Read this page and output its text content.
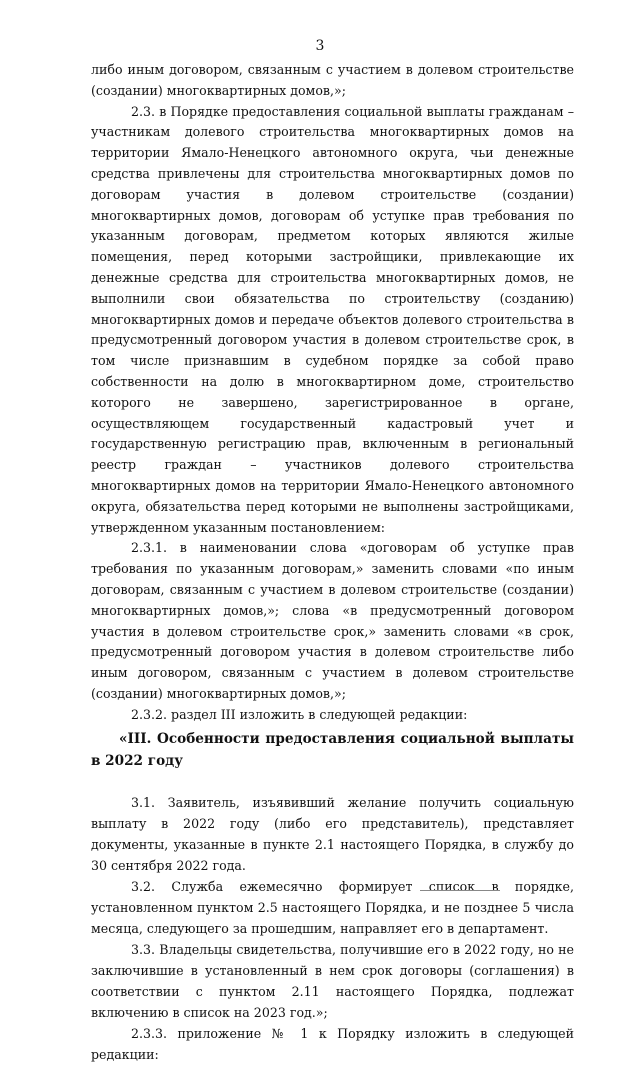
3

либо иным договором, связанным с участием в долевом строительстве (создании) многоквартирных домов,»;

2.3. в Порядке предоставления социальной выплаты гражданам – участникам долевого строительства многоквартирных домов на территории Ямало-Ненецкого автономного округа, чьи денежные средства привлечены для строительства многоквартирных домов по договорам участия в долевом строительстве (создании) многоквартирных домов, договорам об уступке прав требования по указанным договорам, предметом которых являются жилые помещения, перед которыми застройщики, привлекающие их денежные средства для строительства многоквартирных домов, не выполнили свои обязательства по строительству (созданию) многоквартирных домов и передаче объектов долевого строительства в предусмотренный договором участия в долевом строительстве срок, в том числе признавшим в судебном порядке за собой право собственности на долю в многоквартирном доме, строительство которого не завершено, зарегистрированное в органе, осуществляющем государственный кадастровый учет и государственную регистрацию прав, включенным в региональный реестр граждан – участников долевого строительства многоквартирных домов на территории Ямало-Ненецкого автономного округа, обязательства перед которыми не выполнены застройщиками, утвержденном указанным постановлением:

2.3.1. в наименовании слова «договорам об уступке прав требования по указанным договорам,» заменить словами «по иным договорам, связанным с участием в долевом строительстве (создании) многоквартирных домов,»; слова «в предусмотренный договором участия в долевом строительстве срок,» заменить словами «в срок, предусмотренный договором участия в долевом строительстве либо иным договором, связанным с участием в долевом строительстве (создании) многоквартирных домов,»;

2.3.2. раздел III изложить в следующей редакции:

«III. Особенности предоставления социальной выплаты в 2022 году

3.1. Заявитель, изъявивший желание получить социальную выплату в 2022 году (либо его представитель), представляет документы, указанные в пункте 2.1 настоящего Порядка, в службу до 30 сентября 2022 года.

3.2. Служба ежемесячно формирует список в порядке, установленном пунктом 2.5 настоящего Порядка, и не позднее 5 числа месяца, следующего за прошедшим, направляет его в департамент.

3.3. Владельцы свидетельства, получившие его в 2022 году, но не заключившие в установленный в нем срок договоры (соглашения) в соответствии с пунктом 2.11 настоящего Порядка, подлежат включению в список на 2023 год.»;

2.3.3. приложение № 1 к Порядку изложить в следующей редакции:
